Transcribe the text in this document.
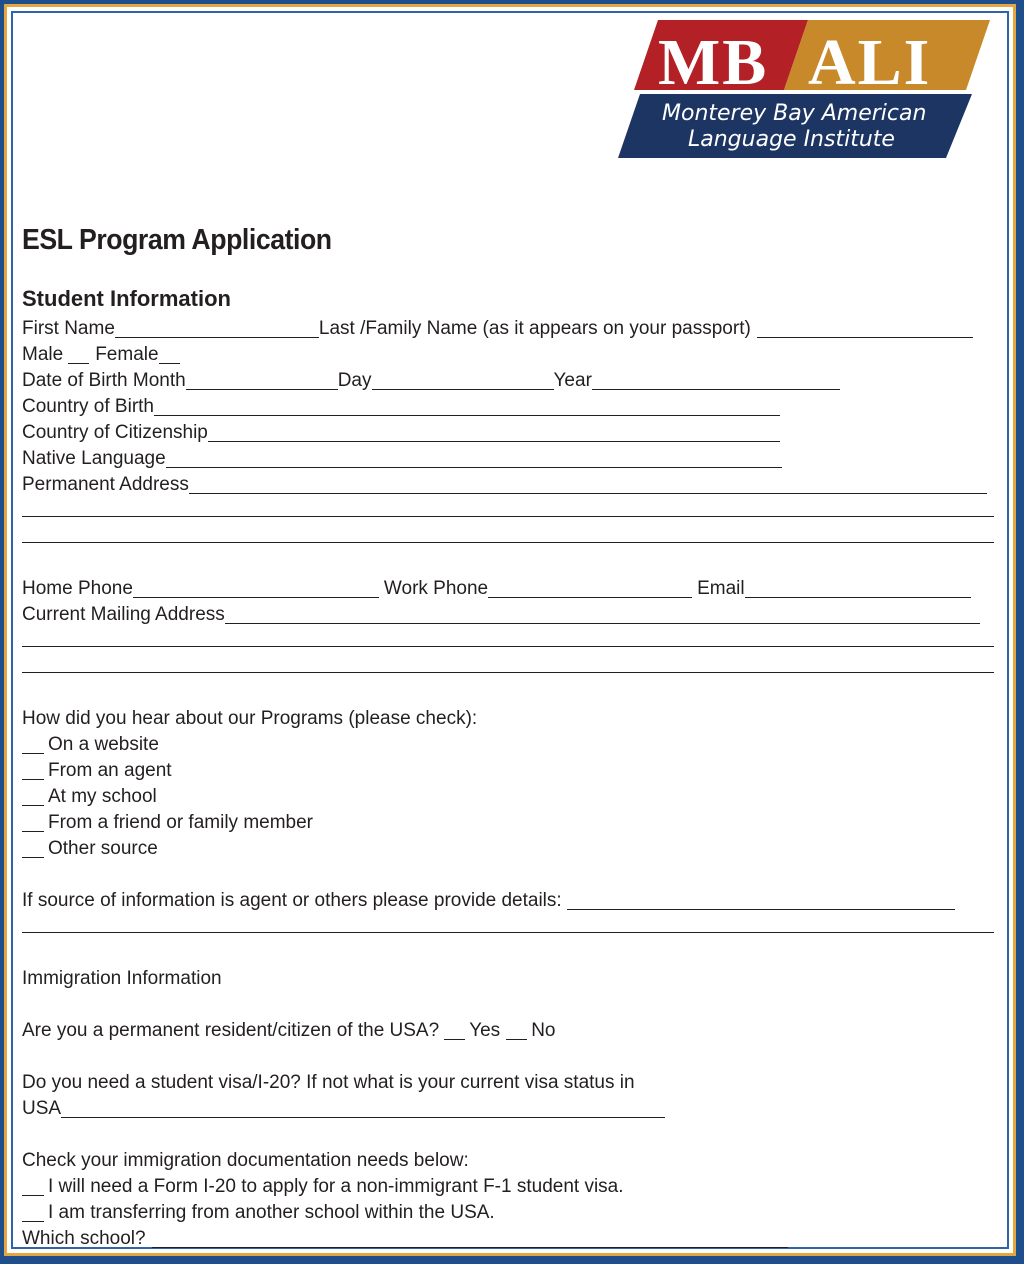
MB ALI
Monterey Bay American
Language Institute
ESL Program Application
Student Information
First Name	Last /Family Name (as it appears on your passport)
Male Female
Date of Birth Month	Day	Year
Country of Birth
Country of Citizenship
Native Language
Permanent Address
Home Phone	Work Phone	Email
Current Mailing Address
How did you hear about our Programs (please check):
On a website
From an agent
At my school
From a friend or family member
Other source
If source of information is agent or others please provide details:
Immigration Information
Are you a permanent resident/citizen of the USA? Yes No
Do you need a student visa/I-20? If not what is your current visa status in
USA
Check your immigration documentation needs below:
I will need a Form I-20 to apply for a non-immigrant F-1 student visa.
I am transferring from another school within the USA.
Which school?
